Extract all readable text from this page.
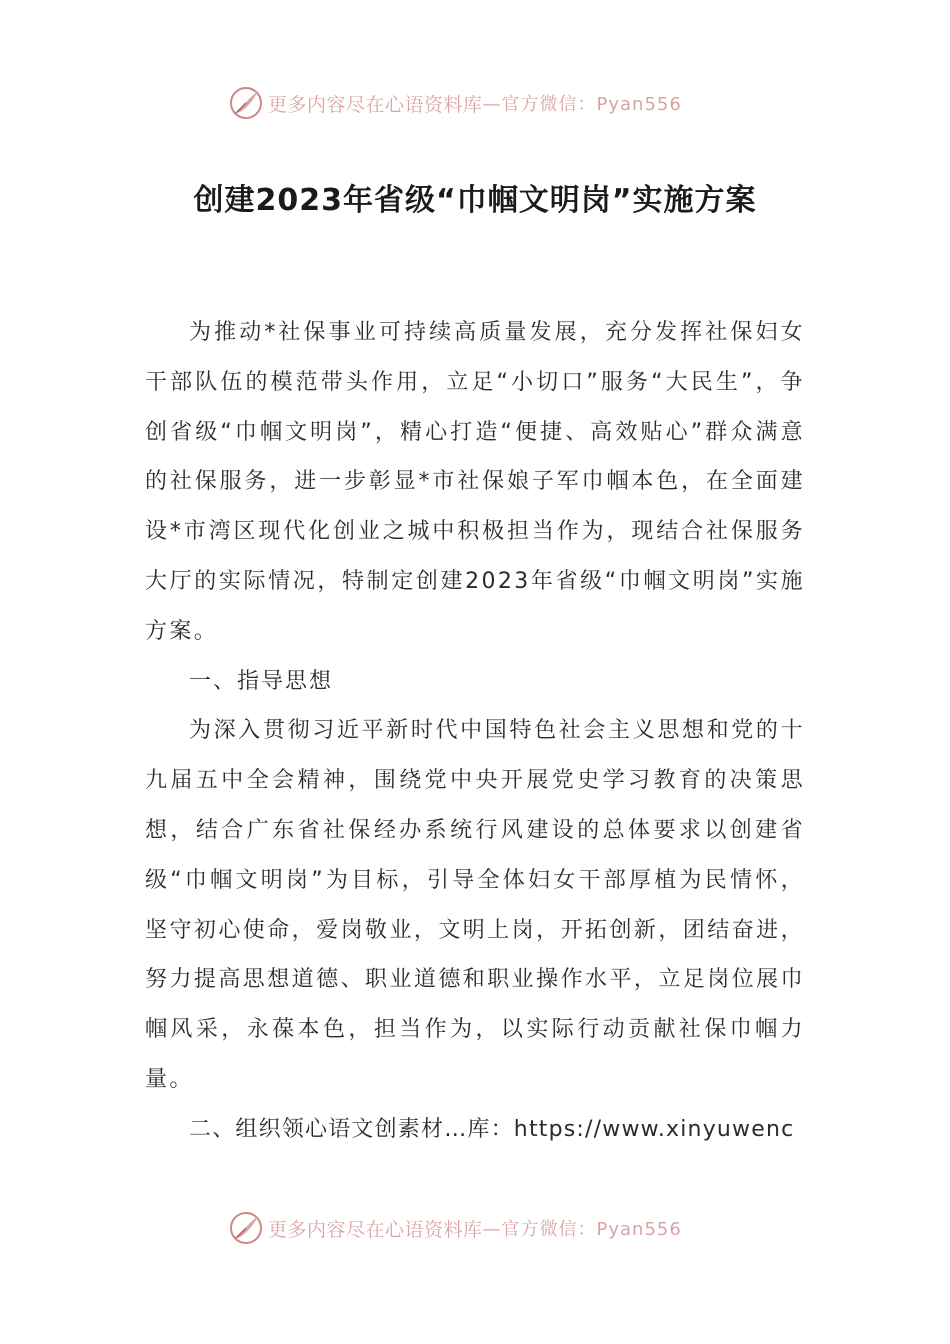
更多内容尽在心语资料库 —官方微信：Pyan556
创建2023年省级“巾帼文明岗”实施方案

为推动*社保事业可持续高质量发展，充分发挥社保妇女干部队伍的模范带头作用，立足“小切口”服务“大民生”，争创省级“巾帼文明岗”，精心打造“便捷、高效贴心”群众满意的社保服务，进一步彰显*市社保娘子军巾帼本色，在全面建设*市湾区现代化创业之城中积极担当作为，现结合社保服务大厅的实际情况，特制定创建2023年省级“巾帼文明岗”实施方案。

一、指导思想

为深入贯彻习近平新时代中国特色社会主义思想和党的十九届五中全会精神，围绕党中央开展党史学习教育的决策思想，结合广东省社保经办系统行风建设的总体要求以创建省级“巾帼文明岗”为目标，引导全体妇女干部厚植为民情怀，坚守初心使命，爱岗敬业，文明上岗，开拓创新，团结奋进，努力提高思想道德、职业道德和职业操作水平，立足岗位展巾帼风采，永葆本色，担当作为，以实际行动贡献社保巾帼力量。

二、组织领心语文创素材…库：https://www.xinyuwenc

更多内容尽在心语资料库 —官方微信：Pyan556
